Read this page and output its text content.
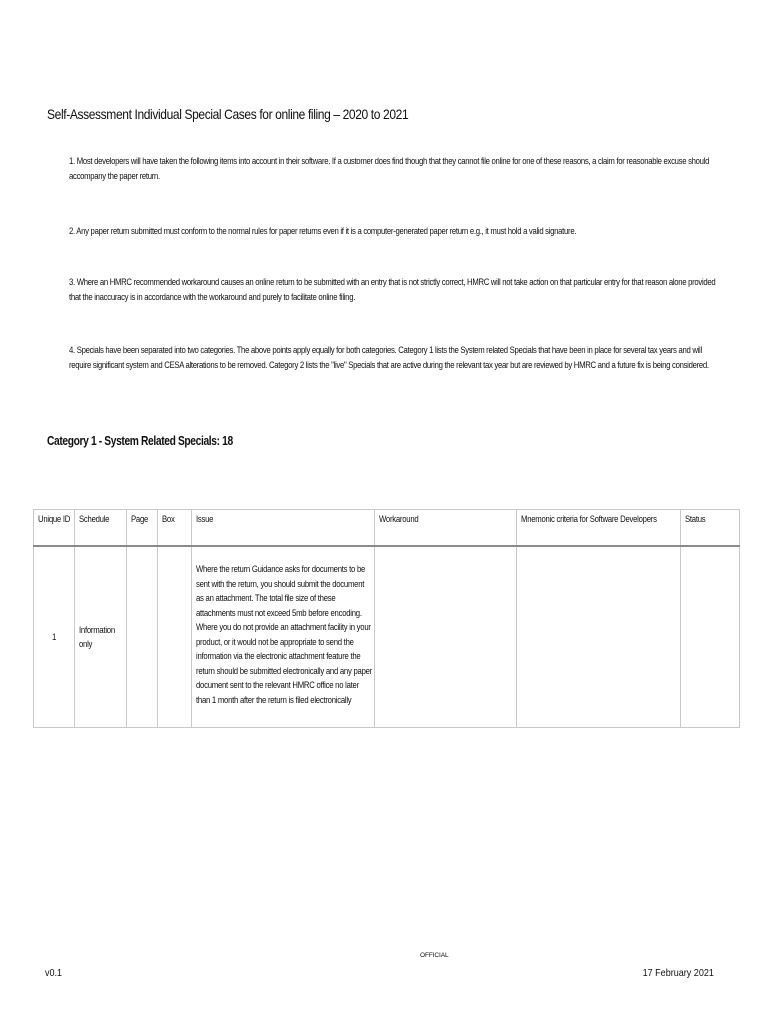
Self-Assessment Individual Special Cases for online filing – 2020 to 2021
1. Most developers will have taken the following items into account in their software. If a customer does find though that they cannot file online for one of these reasons, a claim for reasonable excuse should accompany the paper return.
2. Any paper return submitted must conform to the normal rules for paper returns even if it is a computer-generated paper return e.g., it must hold a valid signature.
3. Where an HMRC recommended workaround causes an online return to be submitted with an entry that is not strictly correct, HMRC will not take action on that particular entry for that reason alone provided that the inaccuracy is in accordance with the workaround and purely to facilitate online filing.
4. Specials have been separated into two categories. The above points apply equally for both categories. Category 1 lists the System related Specials that have been in place for several tax years and will require significant system and CESA alterations to be removed. Category 2 lists the "live" Specials that are active during the relevant tax year but are reviewed by HMRC and a future fix is being considered.
Category 1 - System Related Specials: 18
Unique ID	Schedule	Page	Box	Issue	Workaround	Mnemonic criteria for Software Developers	Status
1	Information only			Where the return Guidance asks for documents to be sent with the return, you should submit the document as an attachment. The total file size of these attachments must not exceed 5mb before encoding. Where you do not provide an attachment facility in your product, or it would not be appropriate to send the information via the electronic attachment feature the return should be submitted electronically and any paper document sent to the relevant HMRC office no later than 1 month after the return is filed electronically			

OFFICIAL
v0.1	17 February 2021
